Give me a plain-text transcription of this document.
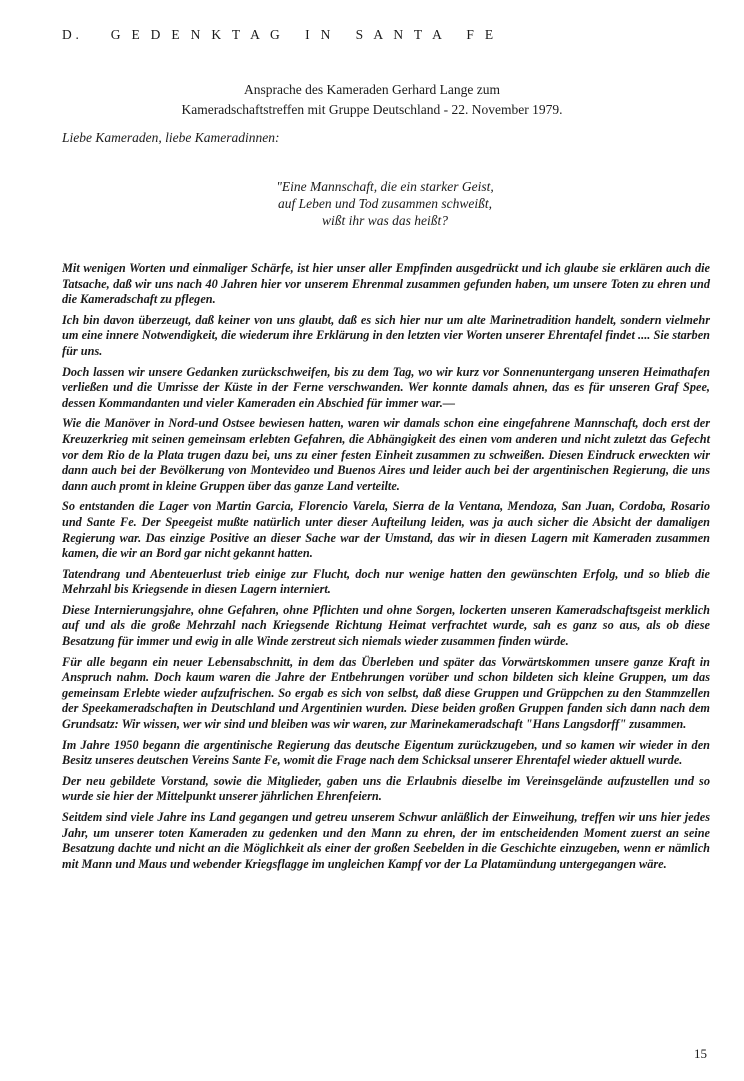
D. G E D E N K T A G   I N   S A N T A   F E
Ansprache des Kameraden Gerhard Lange zum
Kameradschaftstreffen mit Gruppe Deutschland - 22. November 1979.
Liebe Kameraden, liebe Kameradinnen:
"Eine Mannschaft, die ein starker Geist,
auf Leben und Tod zusammen schweißt,
wißt ihr was das heißt?

Mit wenigen Worten und einmaliger Schärfe, ist hier unser aller Empfinden ausgedrückt und ich glaube sie erklären auch die Tatsache, daß wir uns nach 40 Jahren hier vor unserem Ehrenmal zusammen gefunden haben, um unsere Toten zu ehren und die Kameradschaft zu pflegen.

Ich bin davon überzeugt, daß keiner von uns glaubt, daß es sich hier nur um alte Marinetradition handelt, sondern vielmehr um eine innere Notwendigkeit, die wiederum ihre Erklärung in den letzten vier Worten unserer Ehrentafel findet .... Sie starben für uns.

Doch lassen wir unsere Gedanken zurückschweifen, bis zu dem Tag, wo wir kurz vor Sonnenuntergang unseren Heimathafen verließen und die Umrisse der Küste in der Ferne verschwanden. Wer konnte damals ahnen, das es für unseren Graf Spee, dessen Kommandanten und vieler Kameraden ein Abschied für immer war.—

Wie die Manöver in Nord-und Ostsee bewiesen hatten, waren wir damals schon eine eingefahrene Mannschaft, doch erst der Kreuzerkrieg mit seinen gemeinsam erlebten Gefahren, die Abhängigkeit des einen vom anderen und nicht zuletzt das Gefecht vor dem Rio de la Plata trugen dazu bei, uns zu einer festen Einheit zusammen zu schweißen. Diesen Eindruck erweckten wir dann auch bei der Bevölkerung von Montevideo und Buenos Aires und leider auch bei der argentinischen Regierung, die uns dann auch promt in kleine Gruppen über das ganze Land verteilte.

So entstanden die Lager von Martin Garcia, Florencio Varela, Sierra de la Ventana, Mendoza, San Juan, Cordoba, Rosario und Sante Fe. Der Speegeist mußte natürlich unter dieser Aufteilung leiden, was ja auch sicher die Absicht der damaligen Regierung war. Das einzige Positive an dieser Sache war der Umstand, das wir in diesen Lagern mit Kameraden zusammen kamen, die wir an Bord gar nicht gekannt hatten.

Tatendrang und Abenteuerlust trieb einige zur Flucht, doch nur wenige hatten den gewünschten Erfolg, und so blieb die Mehrzahl bis Kriegsende in diesen Lagern interniert.

Diese Internierungsjahre, ohne Gefahren, ohne Pflichten und ohne Sorgen, lockerten unseren Kameradschaftsgeist merklich auf und als die große Mehrzahl nach Kriegsende Richtung Heimat verfrachtet wurde, sah es ganz so aus, als ob diese Besatzung für immer und ewig in alle Winde zerstreut sich niemals wieder zusammen finden würde.

Für alle begann ein neuer Lebensabschnitt, in dem das Überleben und später das Vorwärtskommen unsere ganze Kraft in Anspruch nahm. Doch kaum waren die Jahre der Entbehrungen vorüber und schon bildeten sich kleine Gruppen, um das gemeinsam Erlebte wieder aufzufrischen. So ergab es sich von selbst, daß diese Gruppen und Grüppchen zu den Stammzellen der Speekameradschaften in Deutschland und Argentinien wurden. Diese beiden großen Gruppen fanden sich dann nach dem Grundsatz: Wir wissen, wer wir sind und bleiben was wir waren, zur Marinekameradschaft "Hans Langsdorff" zusammen.

Im Jahre 1950 begann die argentinische Regierung das deutsche Eigentum zurückzugeben, und so kamen wir wieder in den Besitz unseres deutschen Vereins Sante Fe, womit die Frage nach dem Schicksal unserer Ehrentafel wieder aktuell wurde.

Der neu gebildete Vorstand, sowie die Mitglieder, gaben uns die Erlaubnis dieselbe im Vereinsgelände aufzustellen und so wurde sie hier der Mittelpunkt unserer jährlichen Ehrenfeiern.

Seitdem sind viele Jahre ins Land gegangen und getreu unserem Schwur anläßlich der Einweihung, treffen wir uns hier jedes Jahr, um unserer toten Kameraden zu gedenken und den Mann zu ehren, der im entscheidenden Moment zuerst an seine Besatzung dachte und nicht an die Möglichkeit als einer der großen Seebelden in die Geschichte einzugeben, wenn er nämlich mit Mann und Maus und webender Kriegsflagge im ungleichen Kampf vor der La Platamündung untergegangen wäre.

15
